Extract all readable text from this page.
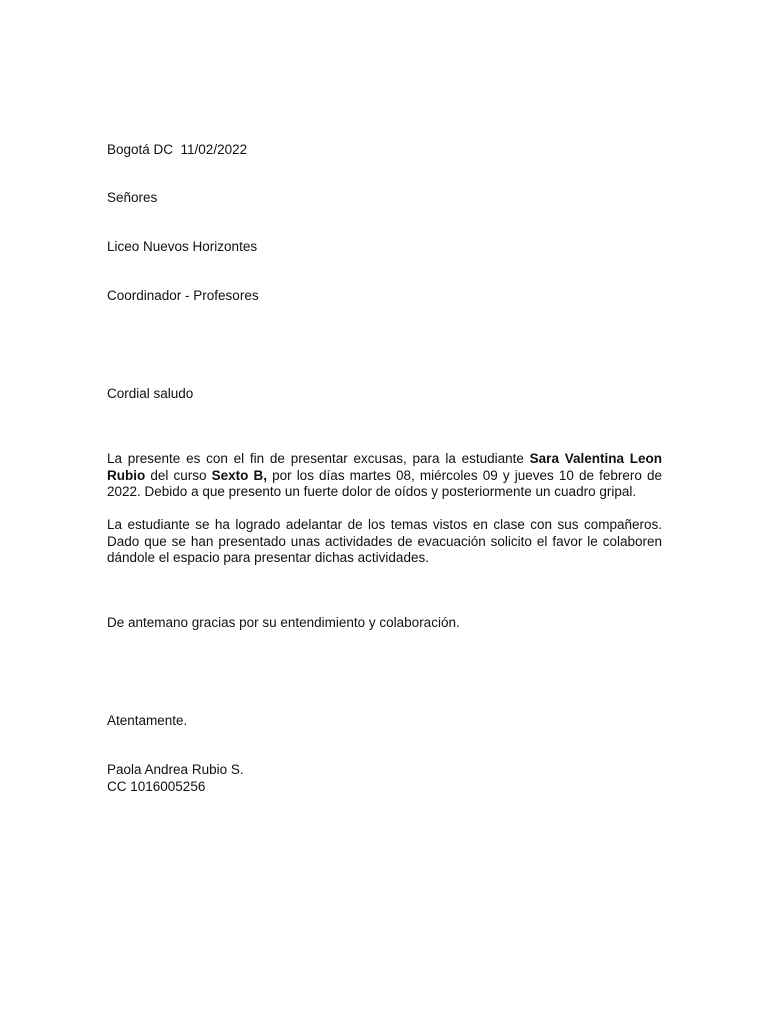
Bogotá DC  11/02/2022
Señores
Liceo Nuevos Horizontes
Coordinador - Profesores
Cordial saludo
La presente es con el fin de presentar excusas, para la estudiante Sara Valentina Leon Rubio del curso Sexto B, por los días martes 08, miércoles 09 y jueves 10 de febrero de 2022. Debido a que presento un fuerte dolor de oídos y posteriormente un cuadro gripal.
La estudiante se ha logrado adelantar de los temas vistos en clase con sus compañeros. Dado que se han presentado unas actividades de evacuación solicito el favor le colaboren dándole el espacio para presentar dichas actividades.
De antemano gracias por su entendimiento y colaboración.
Atentamente.
Paola Andrea Rubio S.
CC 1016005256
